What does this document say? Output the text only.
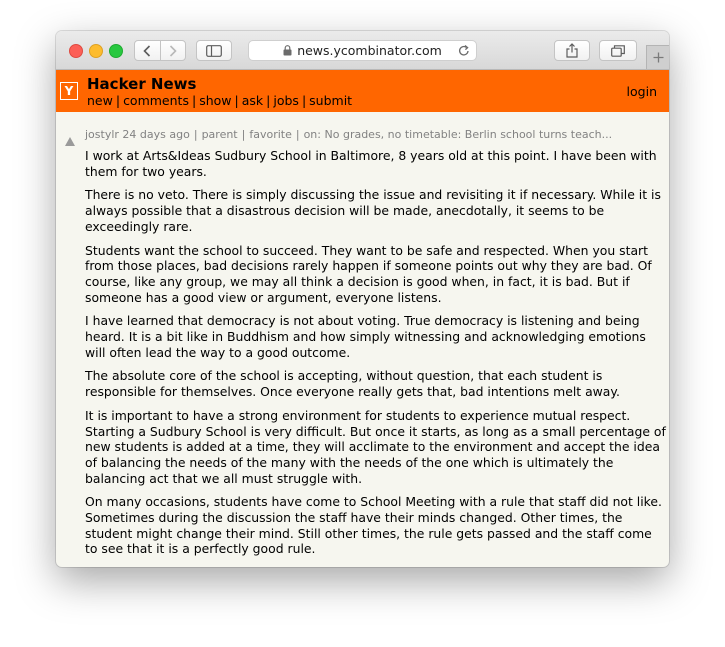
news.ycombinator.com
Y Hacker News
new | comments | show | ask | jobs | submit
login
jostylr 24 days ago | parent | favorite | on: No grades, no timetable: Berlin school turns teach...

I work at Arts&Ideas Sudbury School in Baltimore, 8 years old at this point. I have been with them for two years.

There is no veto. There is simply discussing the issue and revisiting it if necessary. While it is always possible that a disastrous decision will be made, anecdotally, it seems to be exceedingly rare.

Students want the school to succeed. They want to be safe and respected. When you start from those places, bad decisions rarely happen if someone points out why they are bad. Of course, like any group, we may all think a decision is good when, in fact, it is bad. But if someone has a good view or argument, everyone listens.

I have learned that democracy is not about voting. True democracy is listening and being heard. It is a bit like in Buddhism and how simply witnessing and acknowledging emotions will often lead the way to a good outcome.

The absolute core of the school is accepting, without question, that each student is responsible for themselves. Once everyone really gets that, bad intentions melt away.

It is important to have a strong environment for students to experience mutual respect. Starting a Sudbury School is very difficult. But once it starts, as long as a small percentage of new students is added at a time, they will acclimate to the environment and accept the idea of balancing the needs of the many with the needs of the one which is ultimately the balancing act that we all must struggle with.

On many occasions, students have come to School Meeting with a rule that staff did not like. Sometimes during the discussion the staff have their minds changed. Other times, the student might change their mind. Still other times, the rule gets passed and the staff come to see that it is a perfectly good rule.
